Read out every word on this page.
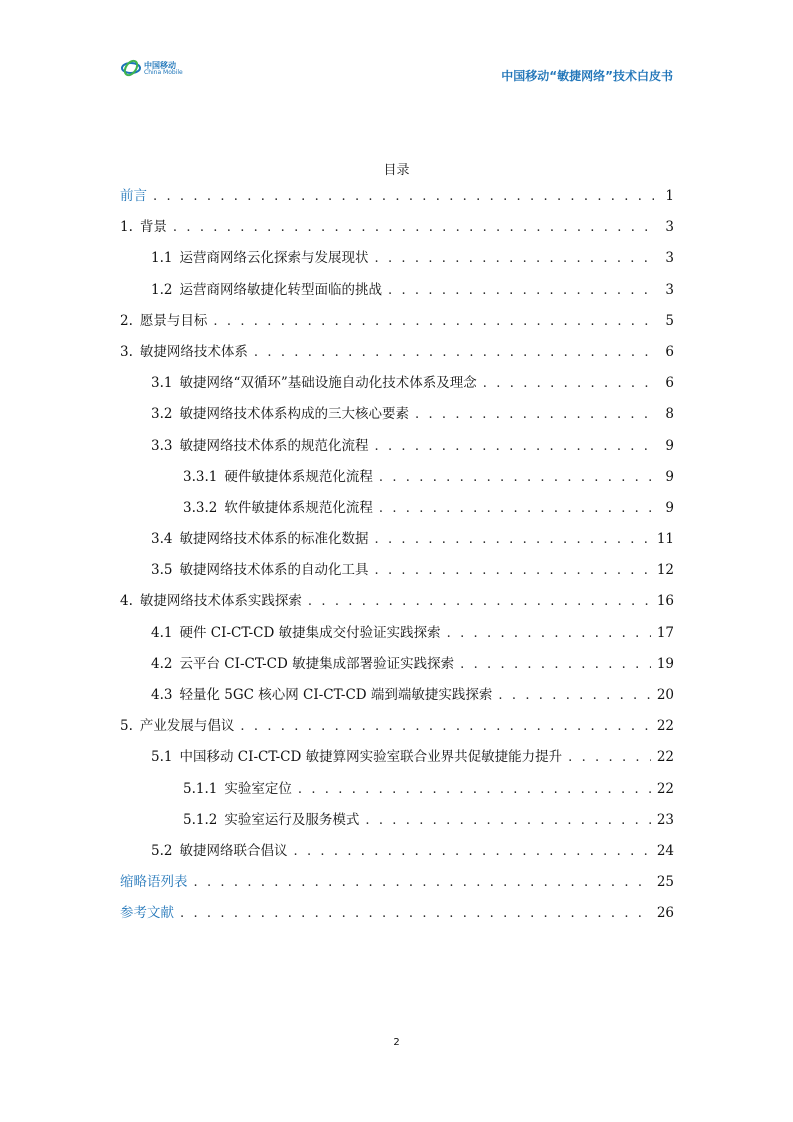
中国移动
China Mobile	中国移动“敏捷网络”技术白皮书
目录
前言 . . .	1
1. 背景 . . .	3
1.1 运营商网络云化探索与发展现状 . . .	3
1.2 运营商网络敏捷化转型面临的挑战 . . .	3
2. 愿景与目标 . . .	5
3. 敏捷网络技术体系 . . .	6
3.1 敏捷网络“双循环”基础设施自动化技术体系及理念 . . .	6
3.2 敏捷网络技术体系构成的三大核心要素 . . .	8
3.3 敏捷网络技术体系的规范化流程 . . .	9
3.3.1 硬件敏捷体系规范化流程 . . .	9
3.3.2 软件敏捷体系规范化流程 . . .	9
3.4 敏捷网络技术体系的标准化数据 . . .	11
3.5 敏捷网络技术体系的自动化工具 . . .	12
4. 敏捷网络技术体系实践探索 . . .	16
4.1 硬件 CI-CT-CD 敏捷集成交付验证实践探索 . . .	17
4.2 云平台 CI-CT-CD 敏捷集成部署验证实践探索 . . .	19
4.3 轻量化 5GC 核心网 CI-CT-CD 端到端敏捷实践探索 . . .	20
5. 产业发展与倡议 . . .	22
5.1 中国移动 CI-CT-CD 敏捷算网实验室联合业界共促敏捷能力提升 . . .	22
5.1.1 实验室定位 . . .	22
5.1.2 实验室运行及服务模式 . . .	23
5.2 敏捷网络联合倡议 . . .	24
缩略语列表 . . .	25
参考文献 . . .	26
2
